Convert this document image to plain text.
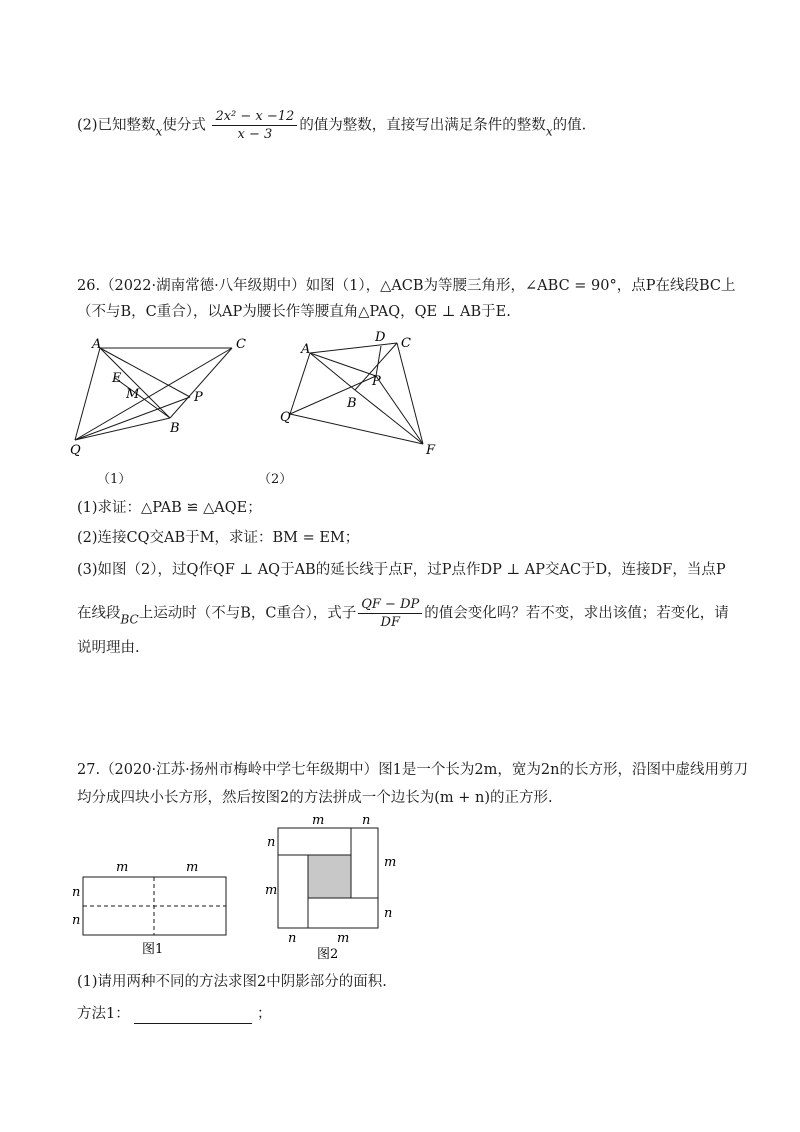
(2)已知整数$_x$使分式 $\frac{\text{2x² − x −12}}{x - 3}$ 的值为整数，直接写出满足条件的整数$_x$的值.
26.（2022·湖南常德·八年级期中）如图（1），△ACB为等腰三角形，∠ABC = 90°，点P在线段BC上
（不与B，C重合），以AP为腰长作等腰直角△PAQ，QE ⊥ AB于E.
A	C
E
M	P
B
Q
A
D C
P
B
Q
F
（1）	（2）
(1)求证：△PAB ≌ △AQE；
(2)连接CQ交AB于M，求证：BM = EM；
(3)如图（2），过Q作QF ⊥ AQ于AB的延长线于点F，过P点作DP ⊥ AP交AC于D，连接DF，当点P
在线段$_{BC}$上运动时（不与B，C重合），式子 $\frac{QF - DP}{DF}$ 的值会变化吗？若不变，求出该值；若变化，请
说明理由.
27.（2020·江苏·扬州市梅岭中学七年级期中）图1是一个长为2m，宽为2n的长方形，沿图中虚线用剪刀
均分成四块小长方形，然后按图2的方法拼成一个边长为(m + n)的正方形.
m	m
n
n
图1
m	n
n
m
m
n
n	m
图2
(1)请用两种不同的方法求图2中阴影部分的面积.
方法1：	；
